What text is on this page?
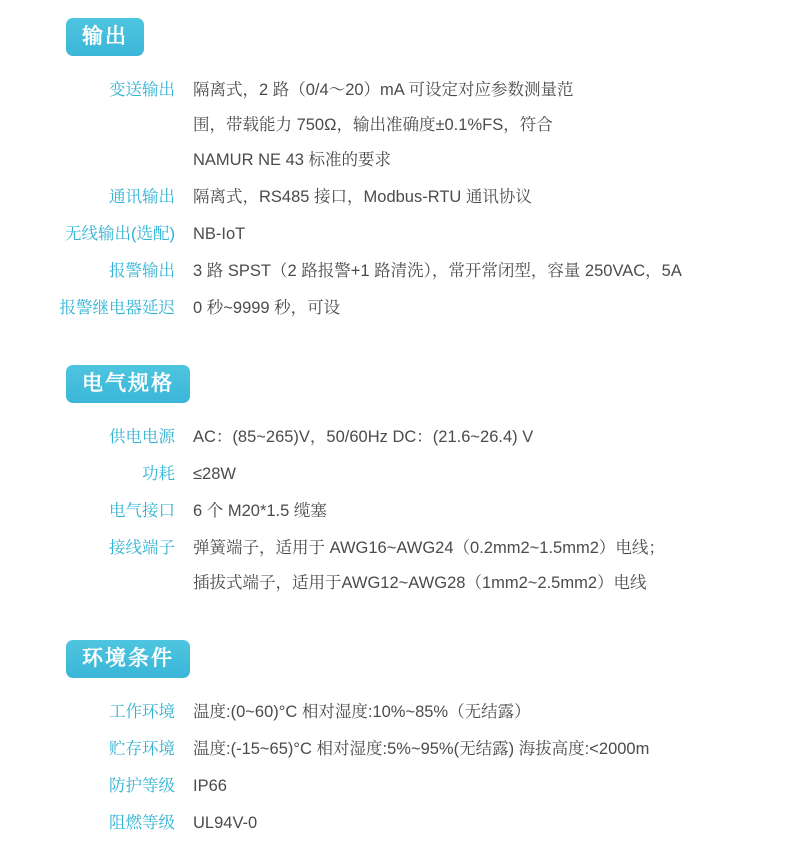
输出
变送输出	隔离式，2 路（0/4～20）mA 可设定对应参数测量范
围，带载能力 750Ω，输出准确度±0.1%FS，符合
NAMUR NE 43 标准的要求

通讯输出	隔离式，RS485 接口，Modbus-RTU 通讯协议

无线输出(选配)	NB-IoT

报警输出	3 路 SPST（2 路报警+1 路清洗），常开常闭型，容量 250VAC，5A

报警继电器延迟	0 秒~9999 秒，可设
电气规格
供电电源	AC：(85~265)V，50/60Hz DC：(21.6~26.4) V

功耗	≤28W

电气接口	6 个 M20*1.5 缆塞

接线端子	弹簧端子，适用于 AWG16~AWG24（0.2mm2~1.5mm2）电线；
插拔式端子，适用于AWG12~AWG28（1mm2~2.5mm2）电线
环境条件
工作环境	温度:(0~60)°C 相对湿度:10%~85%（无结露）

贮存环境	温度:(-15~65)°C 相对湿度:5%~95%(无结露) 海拔高度:<2000m

防护等级	IP66

阻燃等级	UL94V-0
